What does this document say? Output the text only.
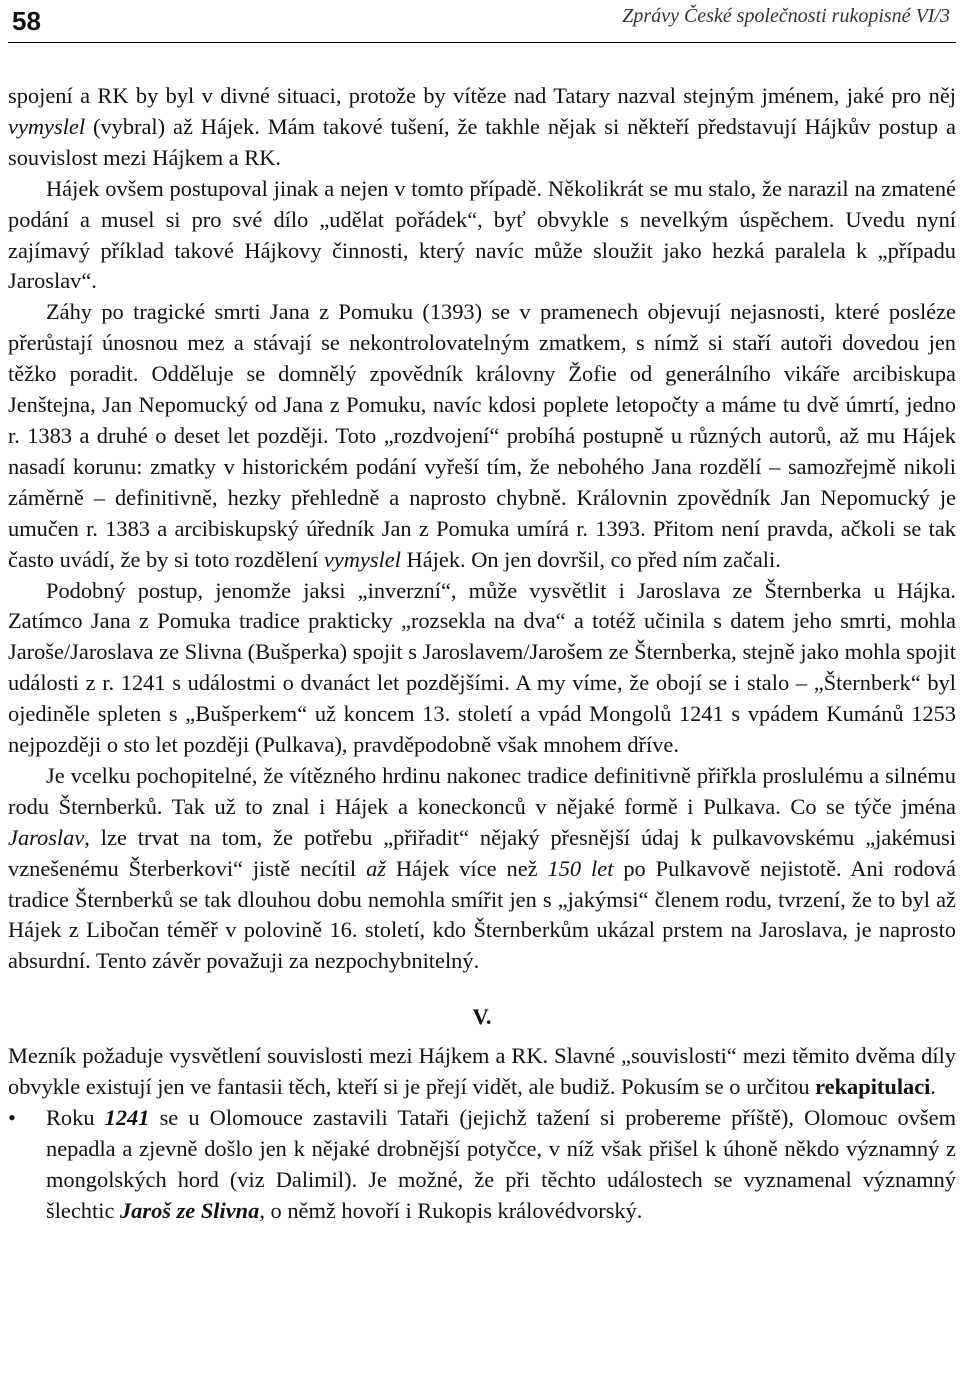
58	Zprávy České společnosti rukopisné VI/3

spojení a RK by byl v divné situaci, protože by vítěze nad Tatary nazval stejným jménem, jaké pro něj vymyslel (vybral) až Hájek. Mám takové tušení, že takhle nějak si někteří představují Hájkův postup a souvislost mezi Hájkem a RK.

Hájek ovšem postupoval jinak a nejen v tomto případě. Několikrát se mu stalo, že narazil na zmatené podání a musel si pro své dílo „udělat pořádek“, byť obvykle s nevelkým úspěchem. Uvedu nyní zajímavý příklad takové Hájkovy činnosti, který navíc může sloužit jako hezká paralela k „případu Jaroslav“.

Záhy po tragické smrti Jana z Pomuku (1393) se v pramenech objevují nejasnosti, které posléze přerůstají únosnou mez a stávají se nekontrolovatelným zmatkem, s nímž si staří autoři dovedou jen těžko poradit. Odděluje se domnělý zpovědník královny Žofie od generálního vikáře arcibiskupa Jenštejna, Jan Nepomucký od Jana z Pomuku, navíc kdosi poplete letopočty a máme tu dvě úmrtí, jedno r. 1383 a druhé o deset let později. Toto „rozdvojení“ probíhá postupně u různých autorů, až mu Hájek nasadí korunu: zmatky v historickém podání vyřeší tím, že nebohého Jana rozdělí – samozřejmě nikoli záměrně – definitivně, hezky přehledně a naprosto chybně. Královnin zpovědník Jan Nepomucký je umučen r. 1383 a arcibiskupský úředník Jan z Pomuka umírá r. 1393. Přitom není pravda, ačkoli se tak často uvádí, že by si toto rozdělení vymyslel Hájek. On jen dovršil, co před ním začali.

Podobný postup, jenomže jaksi „inverzní“, může vysvětlit i Jaroslava ze Šternberka u Hájka. Zatímco Jana z Pomuka tradice prakticky „rozsekla na dva“ a totéž učinila s datem jeho smrti, mohla Jaroše/Jaroslava ze Slivna (Bušperka) spojit s Jaroslavem/Jarošem ze Šternberka, stejně jako mohla spojit události z r. 1241 s událostmi o dvanáct let pozdějšími. A my víme, že obojí se i stalo – „Šternberk“ byl ojediněle spleten s „Bušperkem“ už koncem 13. století a vpád Mongolů 1241 s vpádem Kumánů 1253 nejpozději o sto let později (Pulkava), pravděpodobně však mnohem dříve.

Je vcelku pochopitelné, že vítězného hrdinu nakonec tradice definitivně přiřkla proslulému a silnému rodu Šternberků. Tak už to znal i Hájek a koneckonců v nějaké formě i Pulkava. Co se týče jména Jaroslav, lze trvat na tom, že potřebu „přiřadit“ nějaký přesnější údaj k pulkavovskému „jakémusi vznešenému Šterberkovi“ jistě necítil až Hájek více než 150 let po Pulkavově nejistotě. Ani rodová tradice Šternberků se tak dlouhou dobu nemohla smířit jen s „jakýmsi“ členem rodu, tvrzení, že to byl až Hájek z Libočan téměř v polovině 16. století, kdo Šternberkům ukázal prstem na Jaroslava, je naprosto absurdní. Tento závěr považuji za nezpochybnitelný.

V.

Mezník požaduje vysvětlení souvislosti mezi Hájkem a RK. Slavné „souvislosti“ mezi těmito dvěma díly obvykle existují jen ve fantasii těch, kteří si je přejí vidět, ale budiž. Pokusím se o určitou rekapitulaci.

• Roku 1241 se u Olomouce zastavili Tataři (jejichž tažení si probereme příště), Olomouc ovšem nepadla a zjevně došlo jen k nějaké drobnější potyčce, v níž však přišel k úhoně někdo významný z mongolských hord (viz Dalimil). Je možné, že při těchto událostech se vyznamenal významný šlechtic Jaroš ze Slivna, o němž hovoří i Rukopis královédvorský.
